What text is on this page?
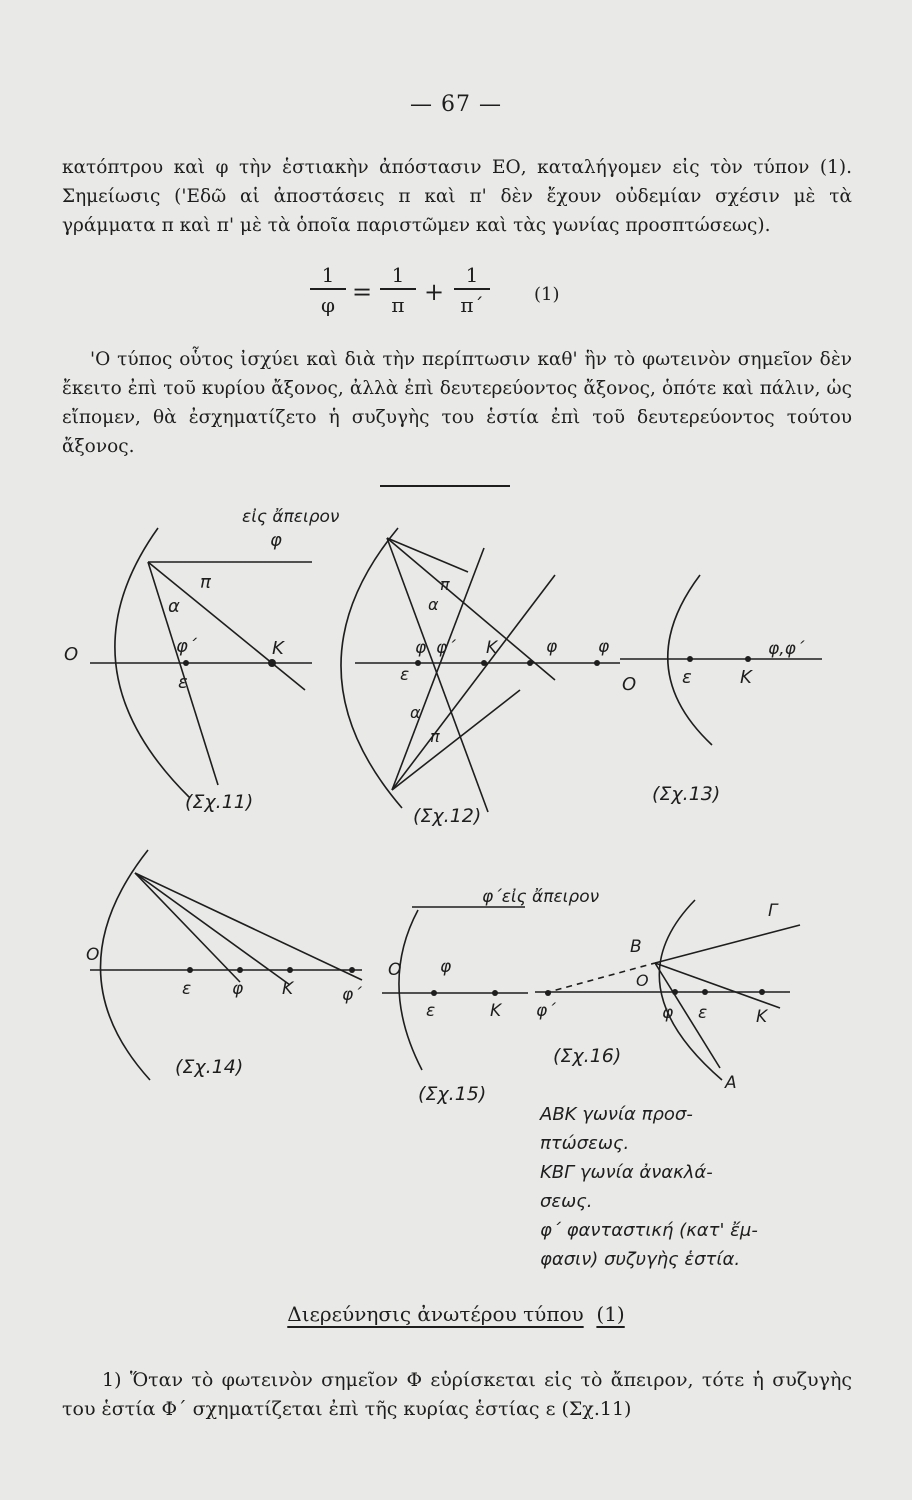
— 67 —
κατόπτρου καὶ φ τὴν ἑστιακὴν ἀπόστασιν ΕΟ, καταλήγομεν εἰς τὸν τύπον (1). Σημείωσις ('Εδῶ αἱ ἀποστάσεις π καὶ π' δὲν ἔχουν οὐδεμίαν σχέσιν μὲ τὰ γράμματα π καὶ π' μὲ τὰ ὁποῖα παριστῶμεν καὶ τὰς γωνίας προσπτώσεως).
1
φ =
1
π +
1
π΄	(1)
'Ο τύπος οὗτος ἰσχύει καὶ διὰ τὴν περίπτωσιν καθ' ἣν τὸ φωτεινὸν σημεῖον δὲν ἔκειτο ἐπὶ τοῦ κυρίου ἄξονος, ἀλλὰ ἐπὶ δευτερεύοντος ἄξονος, ὁπότε καὶ πάλιν, ὡς εἴπομεν, θὰ ἐσχηματίζετο ἡ συζυγὴς του ἑστία ἐπὶ τοῦ δευτερεύοντος τούτου ἄξονος.
εἰς ἄπειρον
φ
π
α
φ΄
O	K
ε
(Σχ.11)
π
α
φ φ΄ K
ε
φ φ
α
π
(Σχ.12)
O
φ,φ΄
ε	K
(Σχ.13)
O
ε φ K	φ΄
(Σχ.14)
φ΄εἰς ἄπειρον
O φ
ε	K
(Σχ.15)
φ΄
B
O
Γ
φ ε	K
A
(Σχ.16)
ΑΒΚ γωνία προσ-
πτώσεως.
ΚΒΓ γωνία ἀνακλά-
σεως.
φ΄ φανταστική (κατ' ἔμ-
φασιν) συζυγὴς ἑστία.
Διερεύνησις ἀνωτέρου τύπου (1)
1) Ὅταν τὸ φωτεινὸν σημεῖον Φ εὑρίσκεται εἰς τὸ ἄπειρον, τότε ἡ συζυγὴς του ἑστία Φ΄ σχηματίζεται ἐπὶ τῆς κυρίας ἑστίας ε (Σχ.11)
